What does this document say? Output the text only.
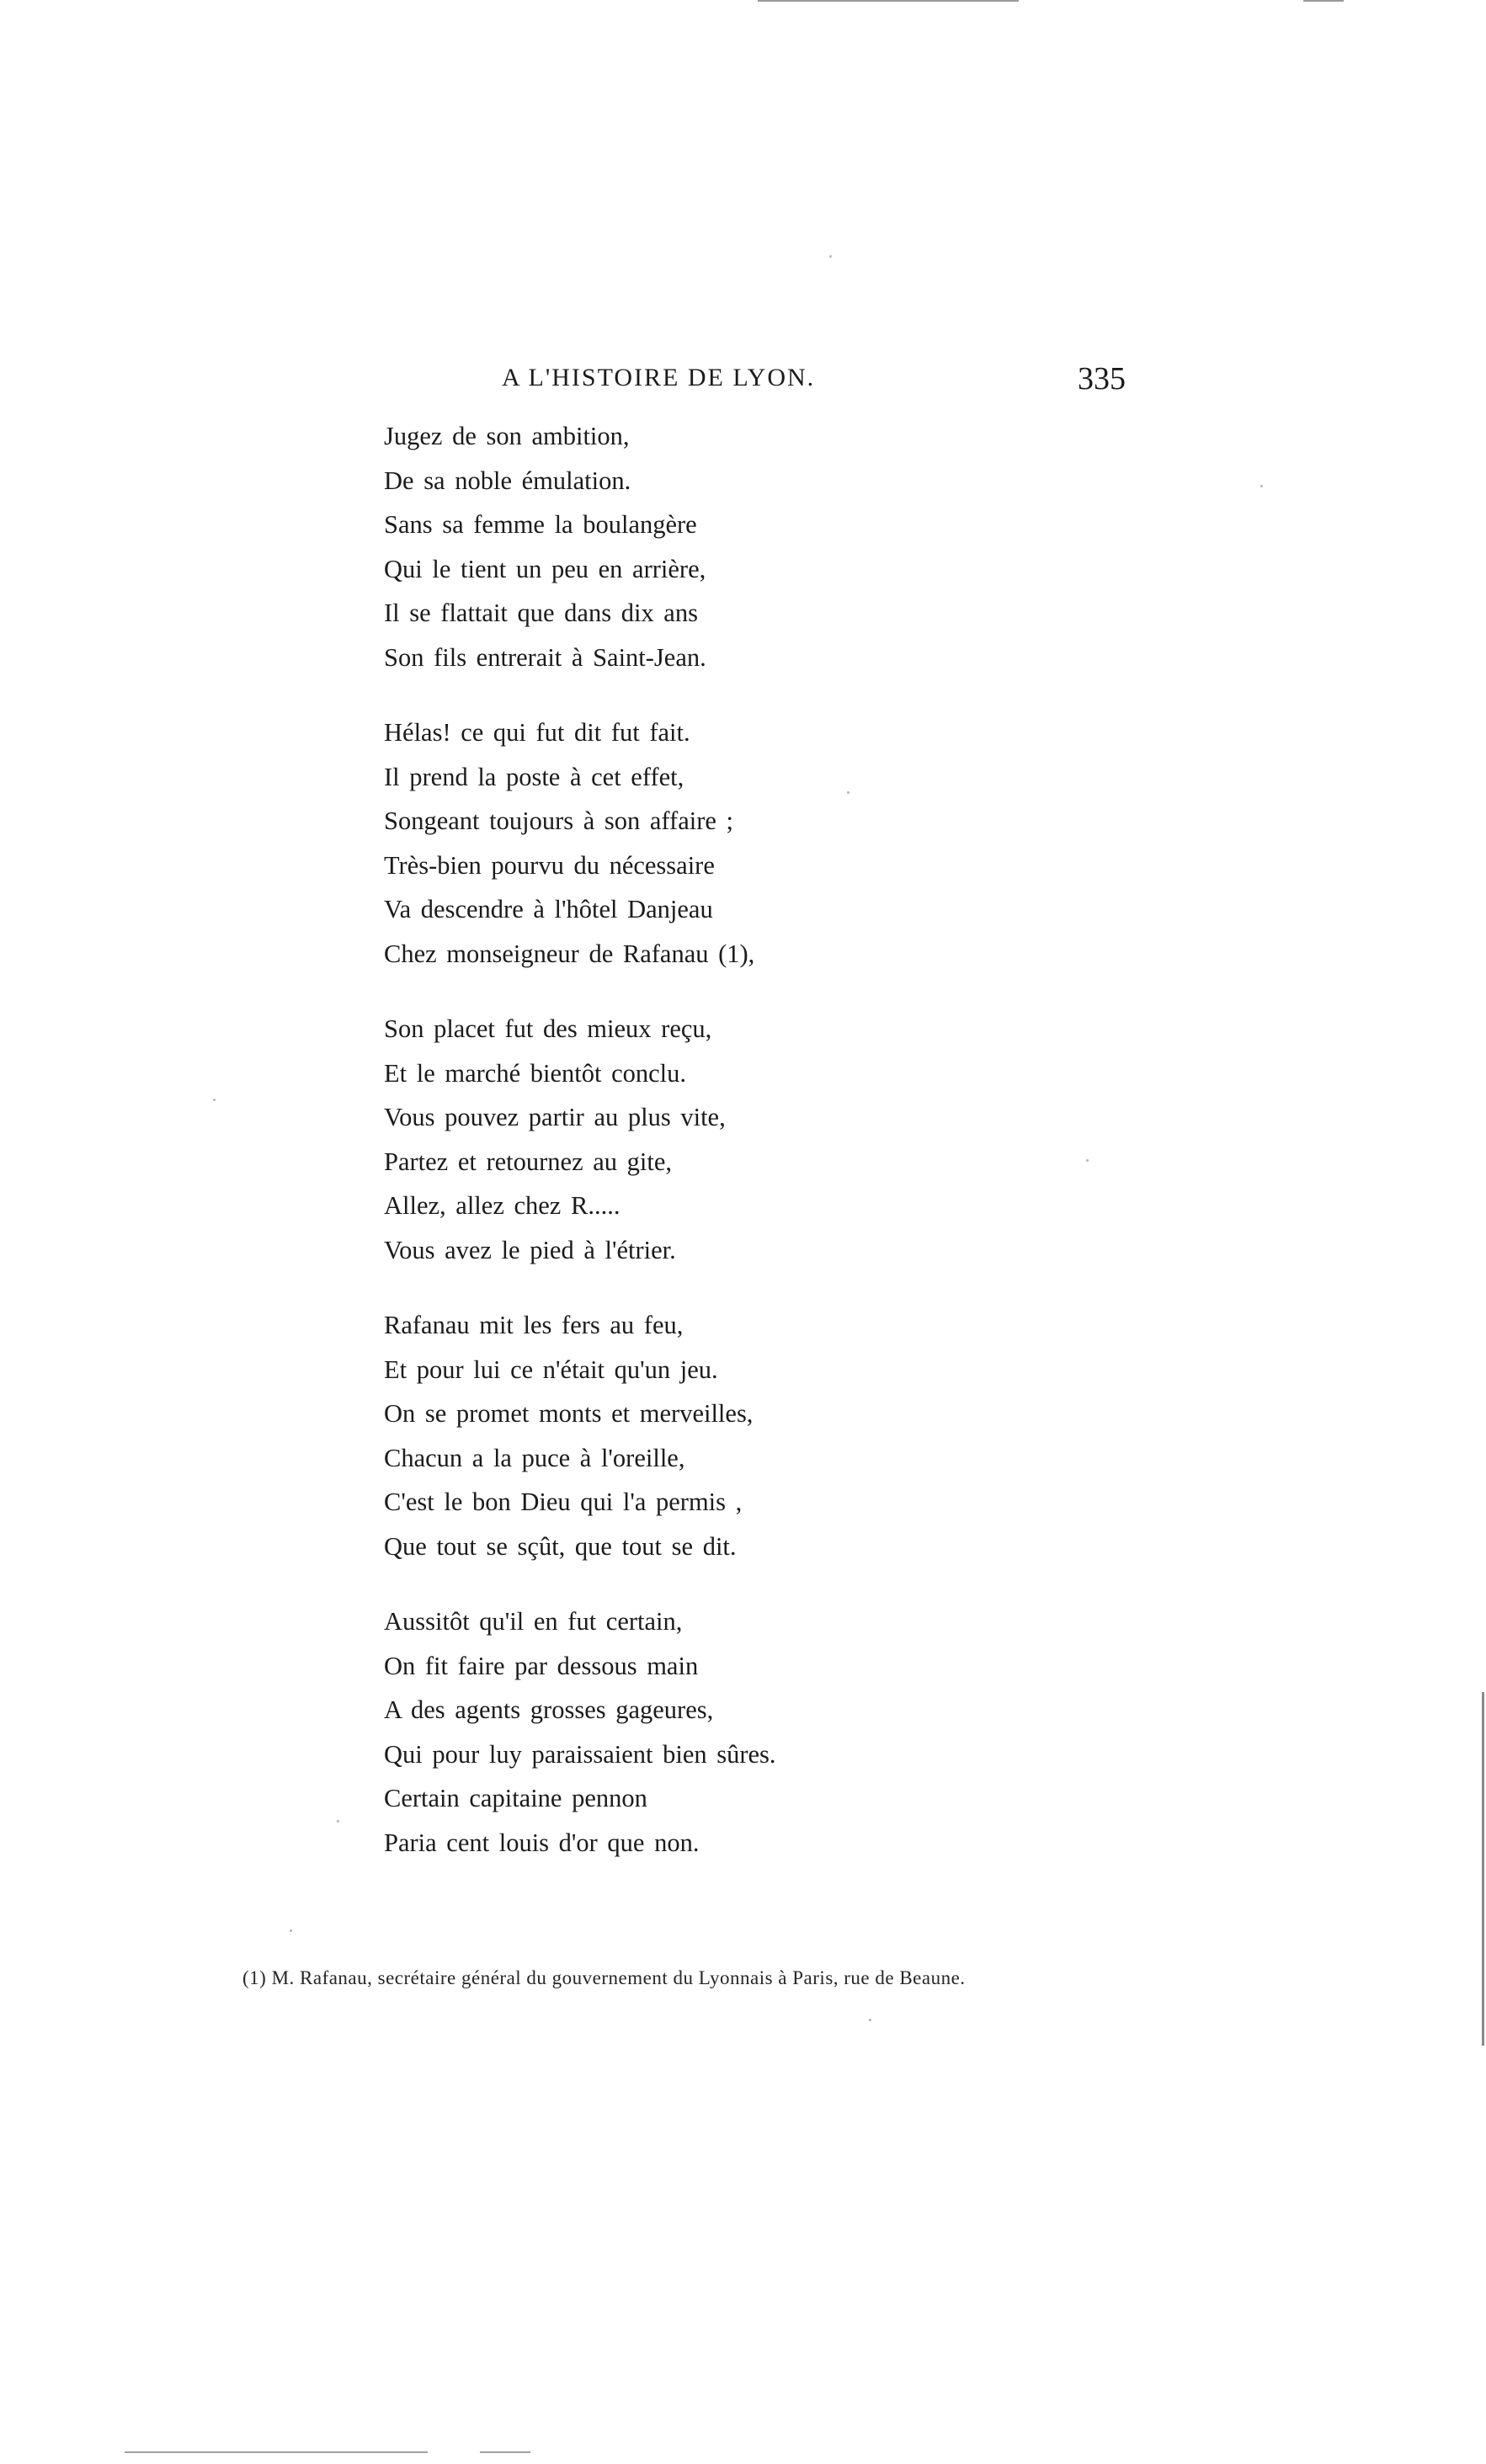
A L'HISTOIRE DE LYON.	335
Jugez de son ambition,
De sa noble émulation.
Sans sa femme la boulangère
Qui le tient un peu en arrière,
Il se flattait que dans dix ans
Son fils entrerait à Saint-Jean.
Hélas! ce qui fut dit fut fait.
Il prend la poste à cet effet,
Songeant toujours à son affaire ;
Très-bien pourvu du nécessaire
Va descendre à l'hôtel Danjeau
Chez monseigneur de Rafanau (1),
Son placet fut des mieux reçu,
Et le marché bientôt conclu.
Vous pouvez partir au plus vite,
Partez et retournez au gite,
Allez, allez chez R.....
Vous avez le pied à l'étrier.
Rafanau mit les fers au feu,
Et pour lui ce n'était qu'un jeu.
On se promet monts et merveilles,
Chacun a la puce à l'oreille,
C'est le bon Dieu qui l'a permis ,
Que tout se sçût, que tout se dit.
Aussitôt qu'il en fut certain,
On fit faire par dessous main
A des agents grosses gageures,
Qui pour luy paraissaient bien sûres.
Certain capitaine pennon
Paria cent louis d'or que non.
(1) M. Rafanau, secrétaire général du gouvernement du Lyonnais à Paris, rue de Beaune.
